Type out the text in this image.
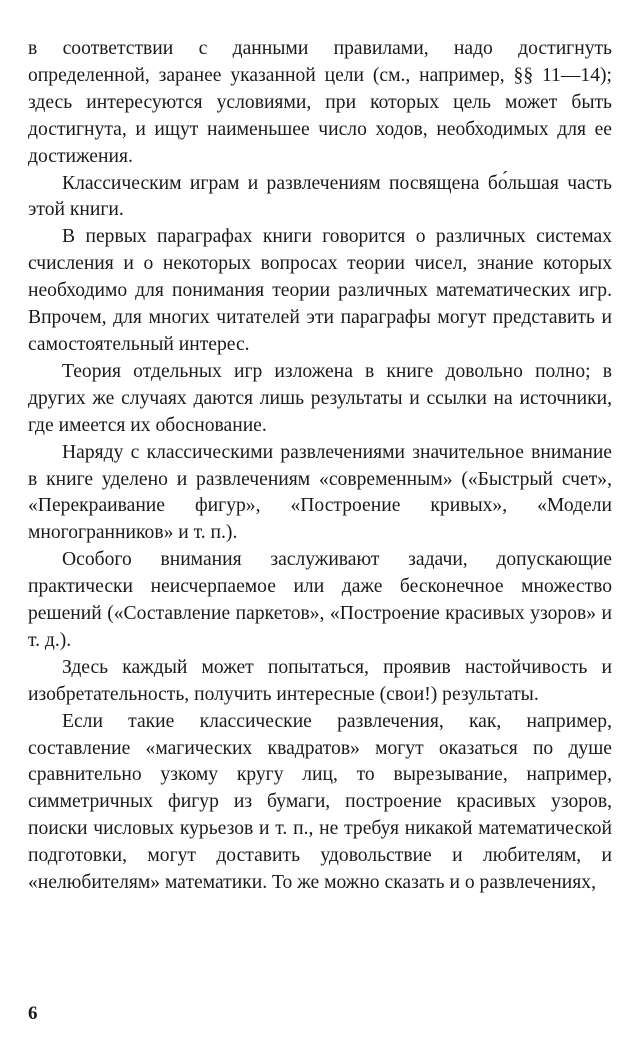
в соответствии с данными правилами, надо достигнуть определенной, заранее указанной цели (см., например, §§ 11—14); здесь интересуются условиями, при которых цель может быть достигнута, и ищут наименьшее число ходов, необходимых для ее достижения.

Классическим играм и развлечениям посвящена бо́льшая часть этой книги.

В первых параграфах книги говорится о различных системах счисления и о некоторых вопросах теории чисел, знание которых необходимо для понимания теории различных математических игр. Впрочем, для многих читателей эти параграфы могут представить и самостоятельный интерес.

Теория отдельных игр изложена в книге довольно полно; в других же случаях даются лишь результаты и ссылки на источники, где имеется их обоснование.

Наряду с классическими развлечениями значительное внимание в книге уделено и развлечениям «современным» («Быстрый счет», «Перекраивание фигур», «Построение кривых», «Модели многогранников» и т. п.).

Особого внимания заслуживают задачи, допускающие практически неисчерпаемое или даже бесконечное множество решений («Составление паркетов», «Построение красивых узоров» и т. д.).

Здесь каждый может попытаться, проявив настойчивость и изобретательность, получить интересные (свои!) результаты.

Если такие классические развлечения, как, например, составление «магических квадратов» могут оказаться по душе сравнительно узкому кругу лиц, то вырезывание, например, симметричных фигур из бумаги, построение красивых узоров, поиски числовых курьезов и т. п., не требуя никакой математической подготовки, могут доставить удовольствие и любителям, и «нелюбителям» математики. То же можно сказать и о развлечениях,

6
